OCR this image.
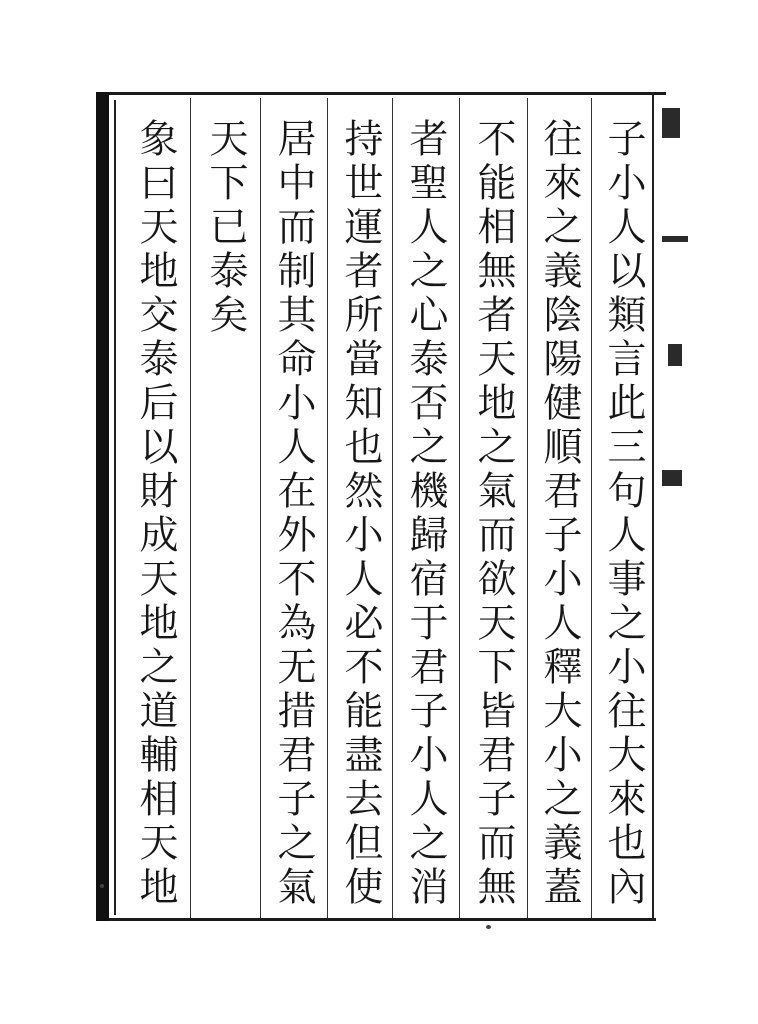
子小人以類言此三句人事之小往大來也內
往來之義陰陽健順君子小人釋大小之義蓋
不能相無者天地之氣而欲天下皆君子而無
者聖人之心泰否之機歸宿于君子小人之消
持世運者所當知也然小人必不能盡去但使
居中而制其命小人在外不為无措君子之氣
天下已泰矣
象曰天地交泰后以財成天地之道輔相天地
